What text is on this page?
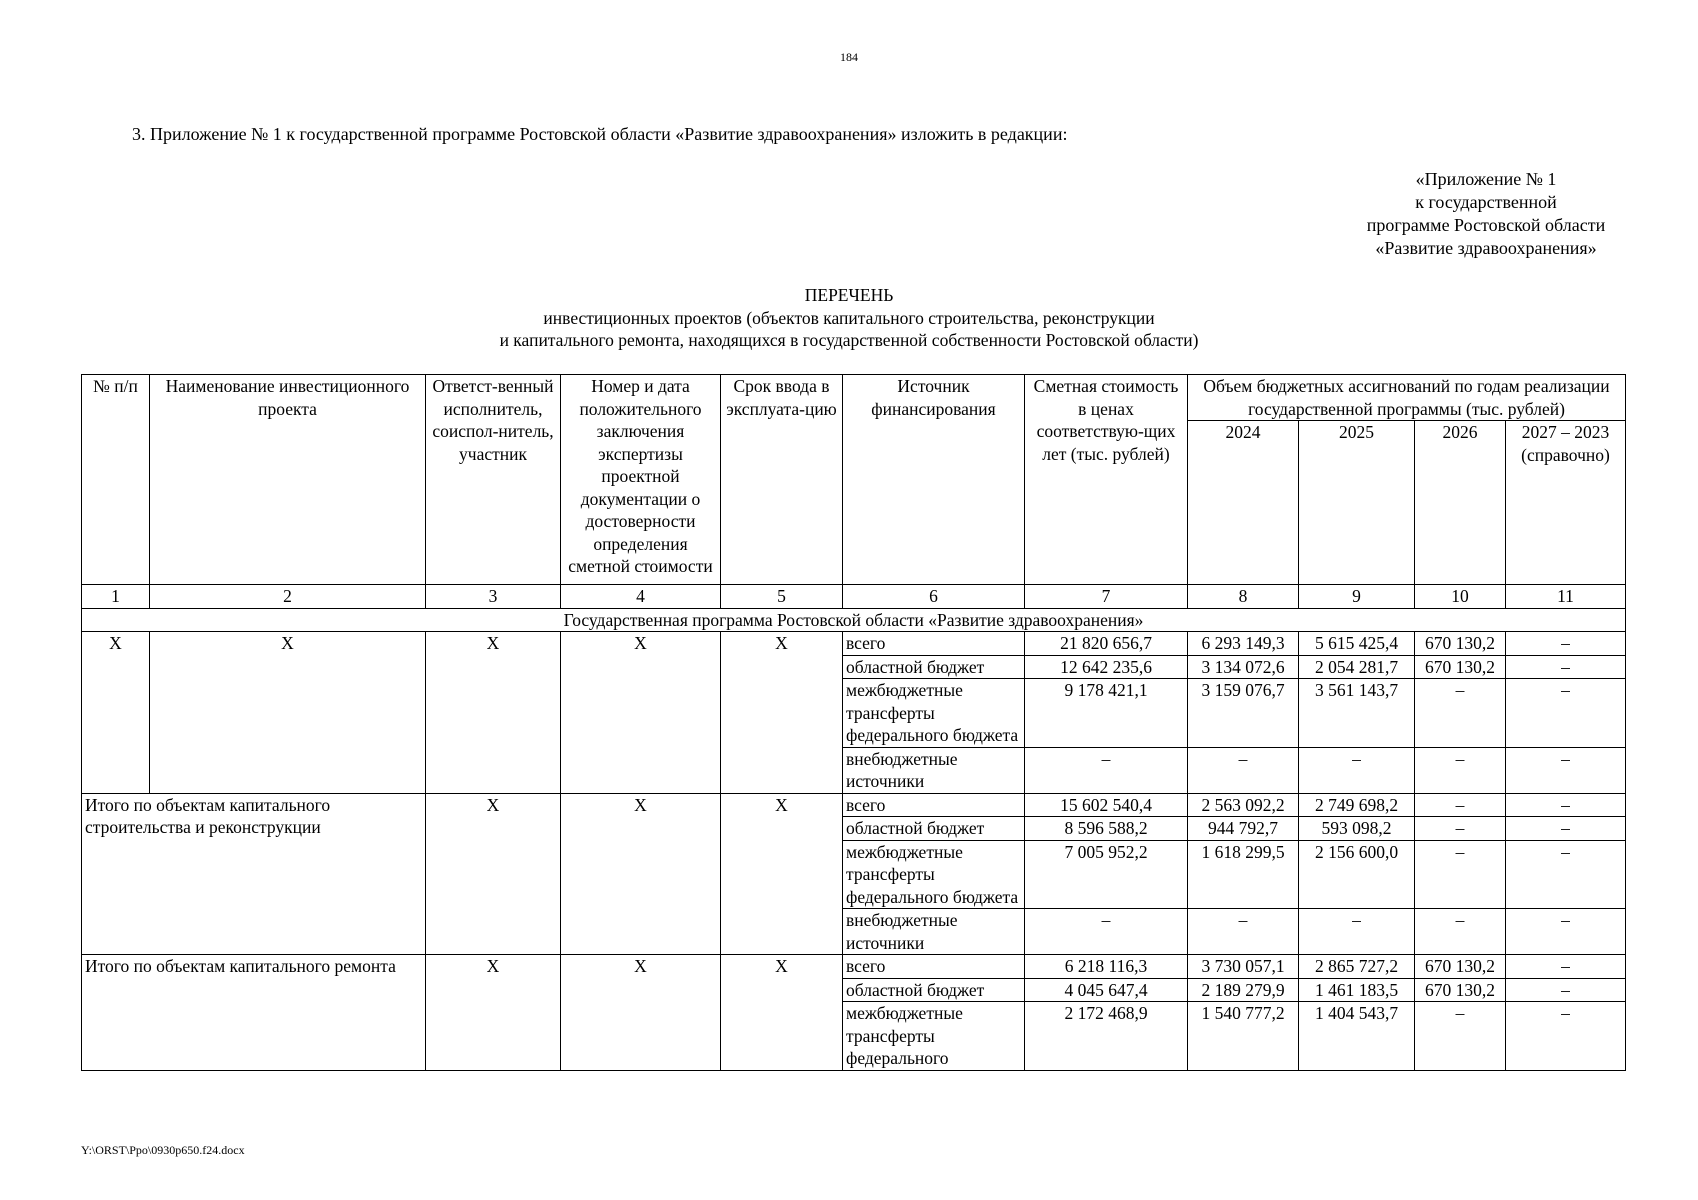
184
3. Приложение № 1 к государственной программе Ростовской области «Развитие здравоохранения» изложить в редакции:
«Приложение № 1
к государственной
программе Ростовской области
«Развитие здравоохранения»
ПЕРЕЧЕНЬ
инвестиционных проектов (объектов капитального строительства, реконструкции
и капитального ремонта, находящихся в государственной собственности Ростовской области)
№ п/п	Наименование инвестиционного проекта	Ответст-венный исполнитель, соиспол-нитель, участник	Номер и дата положительного заключения экспертизы проектной документации о достоверности определения сметной стоимости	Срок ввода в эксплуата-цию	Источник финансирования	Сметная стоимость в ценах соответствую-щих лет (тыс. рублей)	Объем бюджетных ассигнований по годам реализации государственной программы (тыс. рублей)			
							2024	2025	2026	2027 – 2023 (справочно)
1	2	3	4	5	6	7	8	9	10	11
Государственная программа Ростовской области «Развитие здравоохранения»										
X	X	X	X	X	всего	21 820 656,7	6 293 149,3	5 615 425,4	670 130,2	–
					областной бюджет	12 642 235,6	3 134 072,6	2 054 281,7	670 130,2	–
					межбюджетные трансферты федерального бюджета	9 178 421,1	3 159 076,7	3 561 143,7	–	–
					внебюджетные источники	–	–	–	–	–
Итого по объектам капитального строительства и реконструкции		X	X	X	всего	15 602 540,4	2 563 092,2	2 749 698,2	–	–
					областной бюджет	8 596 588,2	944 792,7	593 098,2	–	–
					межбюджетные трансферты федерального бюджета	7 005 952,2	1 618 299,5	2 156 600,0	–	–
					внебюджетные источники	–	–	–	–	–
Итого по объектам капитального ремонта		X	X	X	всего	6 218 116,3	3 730 057,1	2 865 727,2	670 130,2	–
					областной бюджет	4 045 647,4	2 189 279,9	1 461 183,5	670 130,2	–
					межбюджетные трансферты федерального	2 172 468,9	1 540 777,2	1 404 543,7	–	–
Y:\ORST\Ppo\0930p650.f24.docx
